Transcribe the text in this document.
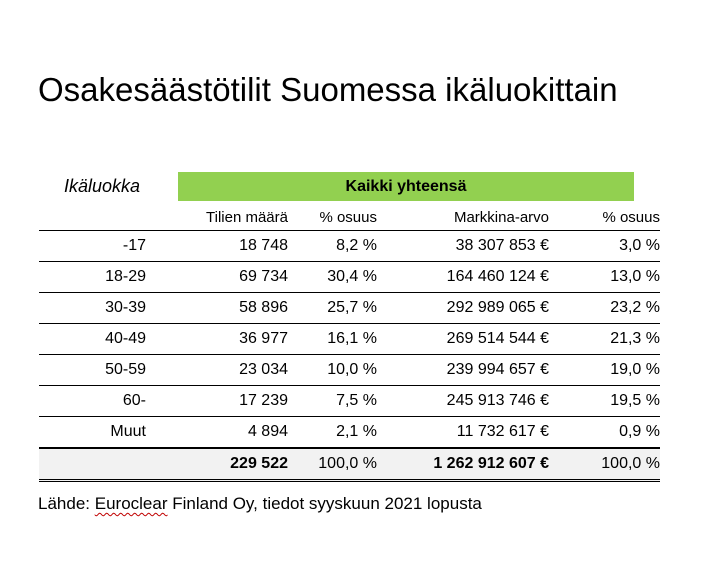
Osakesäästötilit Suomessa ikäluokittain
Ikäluokka	Kaikki yhteensä
	Tilien määrä	% osuus	Markkina-arvo	% osuus
-17	18 748	8,2 %	38 307 853 €	3,0 %
18-29	69 734	30,4 %	164 460 124 €	13,0 %
30-39	58 896	25,7 %	292 989 065 €	23,2 %
40-49	36 977	16,1 %	269 514 544 €	21,3 %
50-59	23 034	10,0 %	239 994 657 €	19,0 %
60-	17 239	7,5 %	245 913 746 €	19,5 %
Muut	4 894	2,1 %	11 732 617 €	0,9 %
	229 522	100,0 %	1 262 912 607 €	100,0 %
Lähde: Euroclear Finland Oy, tiedot syyskuun 2021 lopusta
